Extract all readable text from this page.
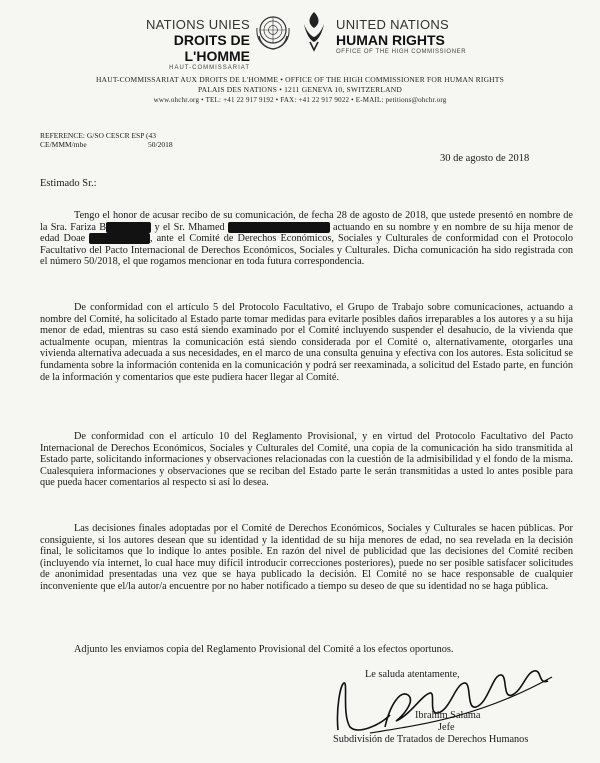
NATIONS UNIES
DROITS DE L'HOMME
HAUT-COMMISSARIAT
UNITED NATIONS
HUMAN RIGHTS
OFFICE OF THE HIGH COMMISSIONER
HAUT-COMMISSARIAT AUX DROITS DE L'HOMME • OFFICE OF THE HIGH COMMISSIONER FOR HUMAN RIGHTS
PALAIS DES NATIONS • 1211 GENEVA 10, SWITZERLAND
www.ohchr.org • TEL: +41 22 917 9192 • FAX: +41 22 917 9022 • E-MAIL: petitions@ohchr.org
REFERENCE: G/SO CESCR ESP (43
CE/MMM/mbe	50/2018
30 de agosto de 2018
Estimado Sr.:
Tengo el honor de acusar recibo de su comunicación, de fecha 28 de agosto de 2018, que ustede presentó en nombre de la Sra. Fariza B xxxxxxxx y el Sr. Mhamed xxxxxxxxxxxxxxxxxxx actuando en su nombre y en nombre de su hija menor de edad Doae xxxxxxxxxxx , ante el Comité de Derechos Económicos, Sociales y Culturales de conformidad con el Protocolo Facultativo del Pacto Internacional de Derechos Económicos, Sociales y Culturales. Dicha comunicación ha sido registrada con el número 50/2018, el que rogamos mencionar en toda futura correspondencia.
De conformidad con el artículo 5 del Protocolo Facultativo, el Grupo de Trabajo sobre comunicaciones, actuando a nombre del Comité, ha solicitado al Estado parte tomar medidas para evitarle posibles daños irreparables a los autores y a su hija menor de edad, mientras su caso está siendo examinado por el Comité incluyendo suspender el desahucio, de la vivienda que actualmente ocupan, mientras la comunicación está siendo considerada por el Comité o, alternativamente, otorgarles una vivienda alternativa adecuada a sus necesidades, en el marco de una consulta genuina y efectiva con los autores. Esta solicitud se fundamenta sobre la información contenida en la comunicación y podrá ser reexaminada, a solicitud del Estado parte, en función de la información y comentarios que este pudiera hacer llegar al Comité.
De conformidad con el artículo 10 del Reglamento Provisional, y en virtud del Protocolo Facultativo del Pacto Internacional de Derechos Económicos, Sociales y Culturales del Comité, una copia de la comunicación ha sido transmitida al Estado parte, solicitando informaciones y observaciones relacionadas con la cuestión de la admisibilidad y el fondo de la misma. Cualesquiera informaciones y observaciones que se reciban del Estado parte le serán transmitidas a usted lo antes posible para que pueda hacer comentarios al respecto si así lo desea.
Las decisiones finales adoptadas por el Comité de Derechos Económicos, Sociales y Culturales se hacen públicas. Por consiguiente, si los autores desean que su identidad y la identidad de su hija menores de edad, no sea revelada en la decisión final, le solicitamos que lo indique lo antes posible. En razón del nivel de publicidad que las decisiones del Comité reciben (incluyendo vía internet, lo cual hace muy difícil introducir correcciones posteriores), puede no ser posible satisfacer solicitudes de anonimidad presentadas una vez que se haya publicado la decisión. El Comité no se hace responsable de cualquier inconveniente que el/la autor/a encuentre por no haber notificado a tiempo su deseo de que su identidad no se haga pública.
Adjunto les enviamos copia del Reglamento Provisional del Comité a los efectos oportunos.
Le saluda atentamente,
Ibrahim Salama
Jefe
Subdivisión de Tratados de Derechos Humanos
